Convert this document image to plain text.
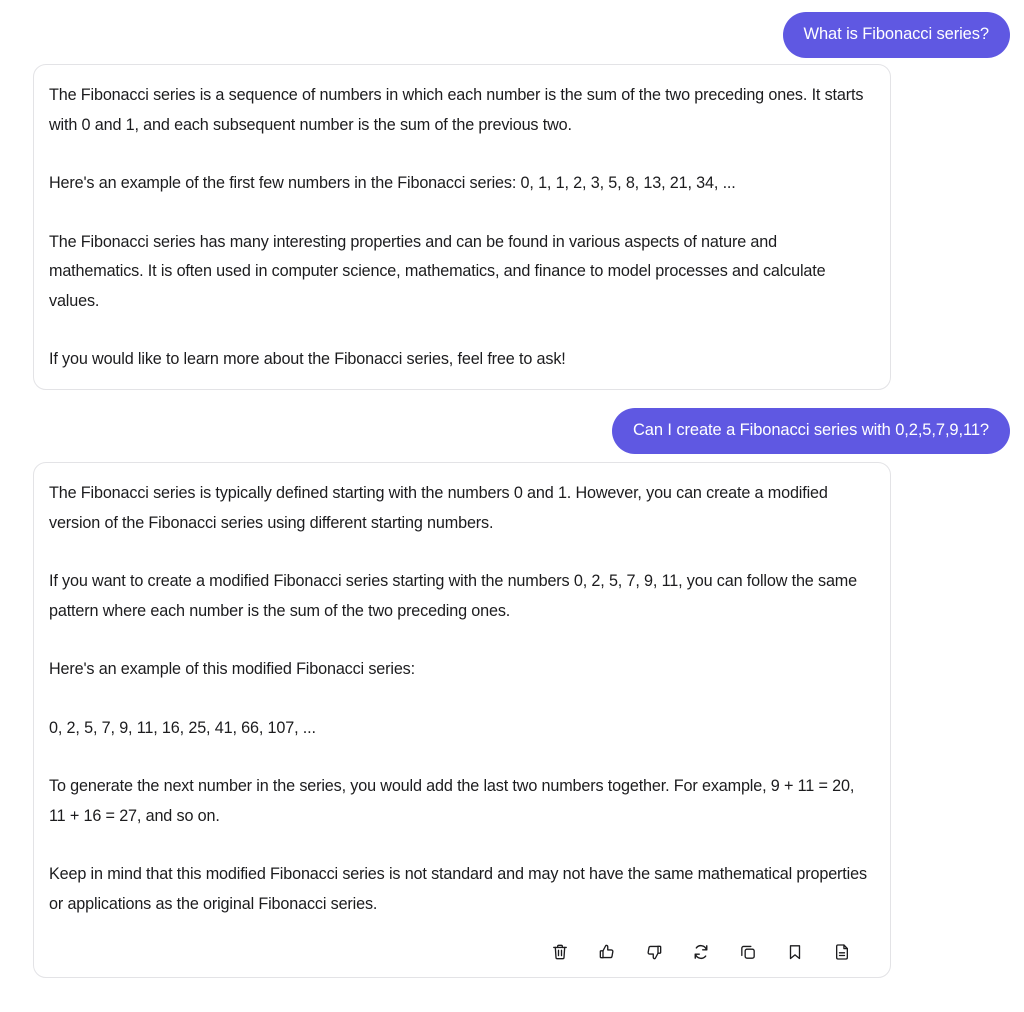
What is Fibonacci series?

The Fibonacci series is a sequence of numbers in which each number is the sum of the two preceding ones. It starts with 0 and 1, and each subsequent number is the sum of the previous two.

Here's an example of the first few numbers in the Fibonacci series: 0, 1, 1, 2, 3, 5, 8, 13, 21, 34, ...

The Fibonacci series has many interesting properties and can be found in various aspects of nature and mathematics. It is often used in computer science, mathematics, and finance to model processes and calculate values.

If you would like to learn more about the Fibonacci series, feel free to ask!

Can I create a Fibonacci series with 0,2,5,7,9,11?

The Fibonacci series is typically defined starting with the numbers 0 and 1. However, you can create a modified version of the Fibonacci series using different starting numbers.

If you want to create a modified Fibonacci series starting with the numbers 0, 2, 5, 7, 9, 11, you can follow the same pattern where each number is the sum of the two preceding ones.

Here's an example of this modified Fibonacci series:

0, 2, 5, 7, 9, 11, 16, 25, 41, 66, 107, ...

To generate the next number in the series, you would add the last two numbers together. For example, 9 + 11 = 20, 11 + 16 = 27, and so on.

Keep in mind that this modified Fibonacci series is not standard and may not have the same mathematical properties or applications as the original Fibonacci series.
